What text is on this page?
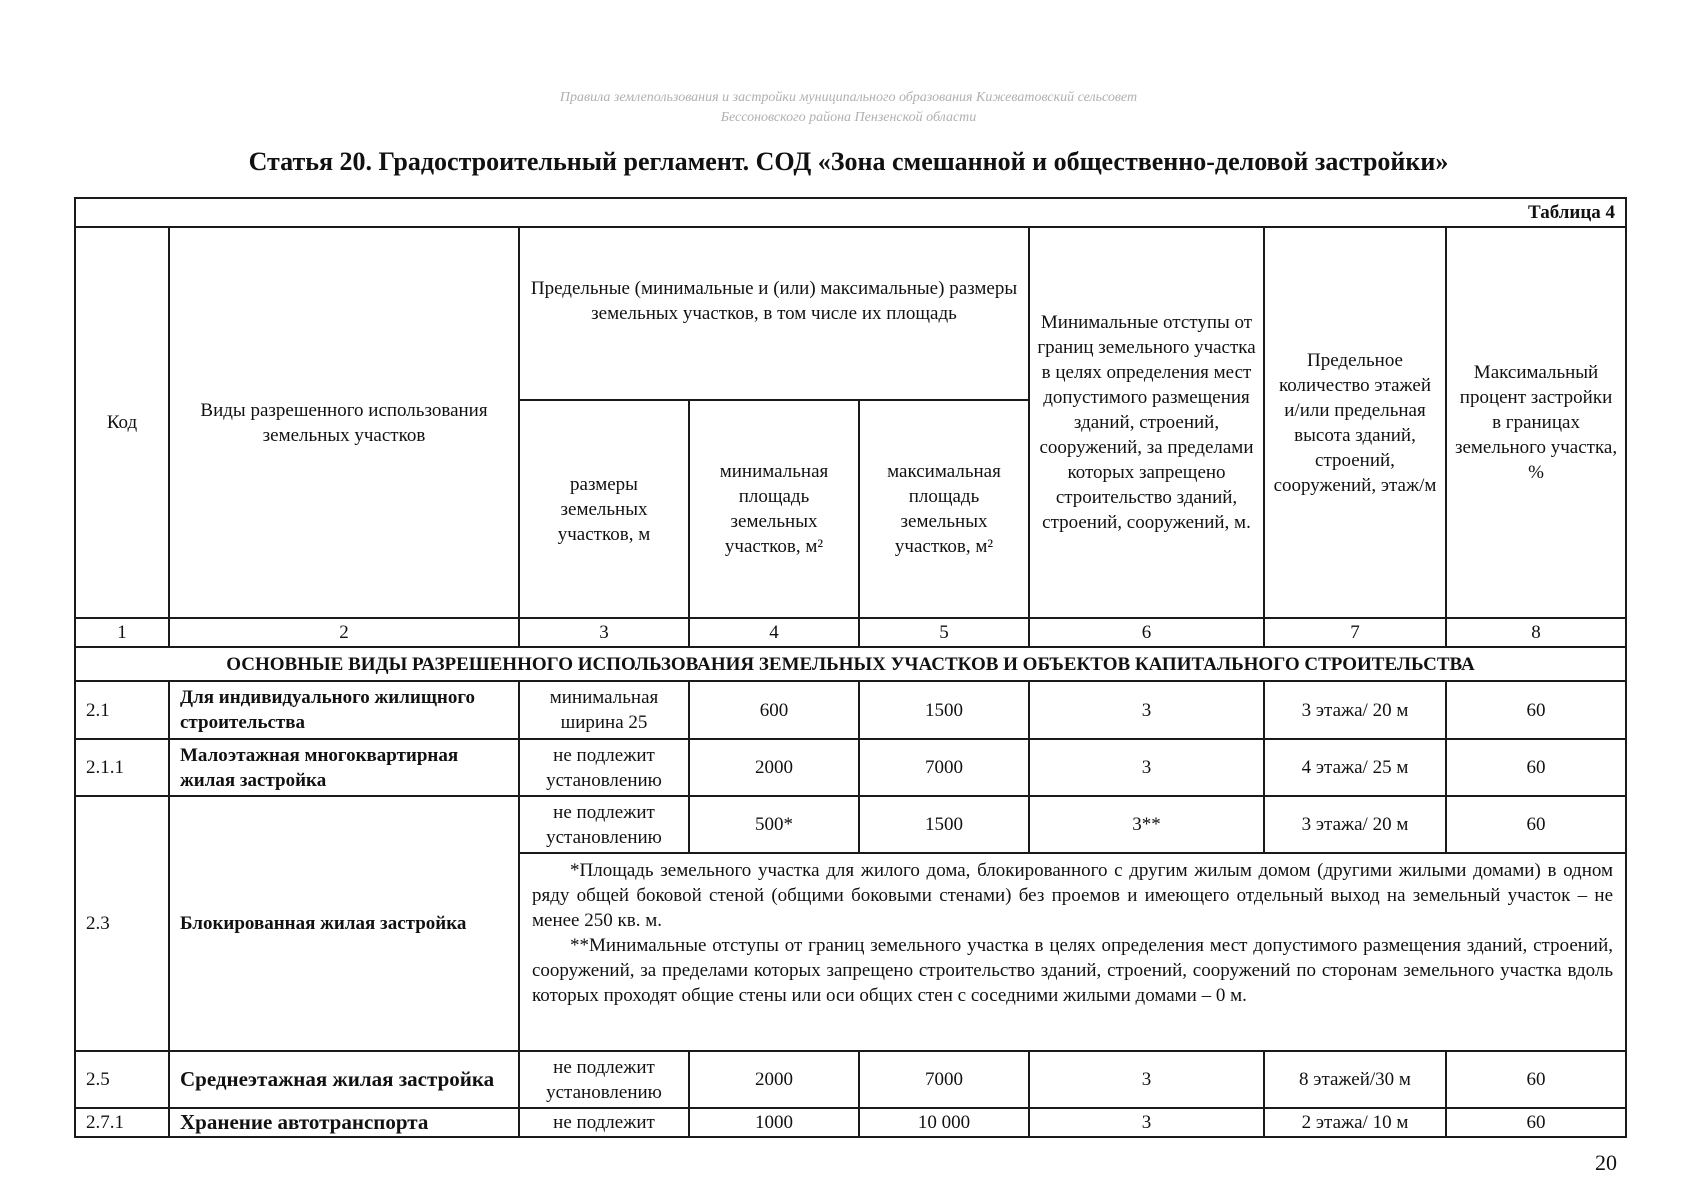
Правила землепользования и застройки муниципального образования Кижеватовский сельсовет
Бессоновского района Пензенской области
Статья 20. Градостроительный регламент. СОД «Зона смешанной и общественно-деловой застройки»
Таблица 4							
Код	Виды разрешенного использования земельных участков	Предельные (минимальные и (или) максимальные) размеры земельных участков, в том числе их площадь			Минимальные отступы от границ земельного участка в целях определения мест допустимого размещения зданий, строений, сооружений, за пределами которых запрещено строительство зданий, строений, сооружений, м.	Предельное количество этажей и/или предельная высота зданий, строений, сооружений, этаж/м	Максимальный процент застройки в границах земельного участка, %
		размеры земельных участков, м	минимальная площадь земельных участков, м²	максимальная площадь земельных участков, м²			
1	2	3	4	5	6	7	8
ОСНОВНЫЕ ВИДЫ РАЗРЕШЕННОГО ИСПОЛЬЗОВАНИЯ ЗЕМЕЛЬНЫХ УЧАСТКОВ И ОБЪЕКТОВ КАПИТАЛЬНОГО СТРОИТЕЛЬСТВА							
2.1	Для индивидуального жилищного строительства	минимальная ширина 25	600	1500	3	3 этажа/ 20 м	60
2.1.1	Малоэтажная многоквартирная жилая застройка	не подлежит установлению	2000	7000	3	4 этажа/ 25 м	60
2.3	Блокированная жилая застройка	не подлежит установлению	500*	1500	3**	3 этажа/ 20 м	60

		*Площадь земельного участка для жилого дома, блокированного с другим жилым домом (другими жилыми домами) в одном ряду общей боковой стеной (общими боковыми стенами) без проемов и имеющего отдельный выход на земельный участок – не менее 250 кв. м.

**Минимальные отступы от границ земельного участка в целях определения мест допустимого размещения зданий, строений, сооружений, за пределами которых запрещено строительство зданий, строений, сооружений по сторонам земельного участка вдоль которых проходят общие стены или оси общих стен с соседними жилыми домами – 0 м.					

2.5	Среднеэтажная жилая застройка	не подлежит установлению	2000	7000	3	8 этажей/30 м	60
2.7.1	Хранение автотранспорта	не подлежит	1000	10 000	3	2 этажа/ 10 м	60
20
